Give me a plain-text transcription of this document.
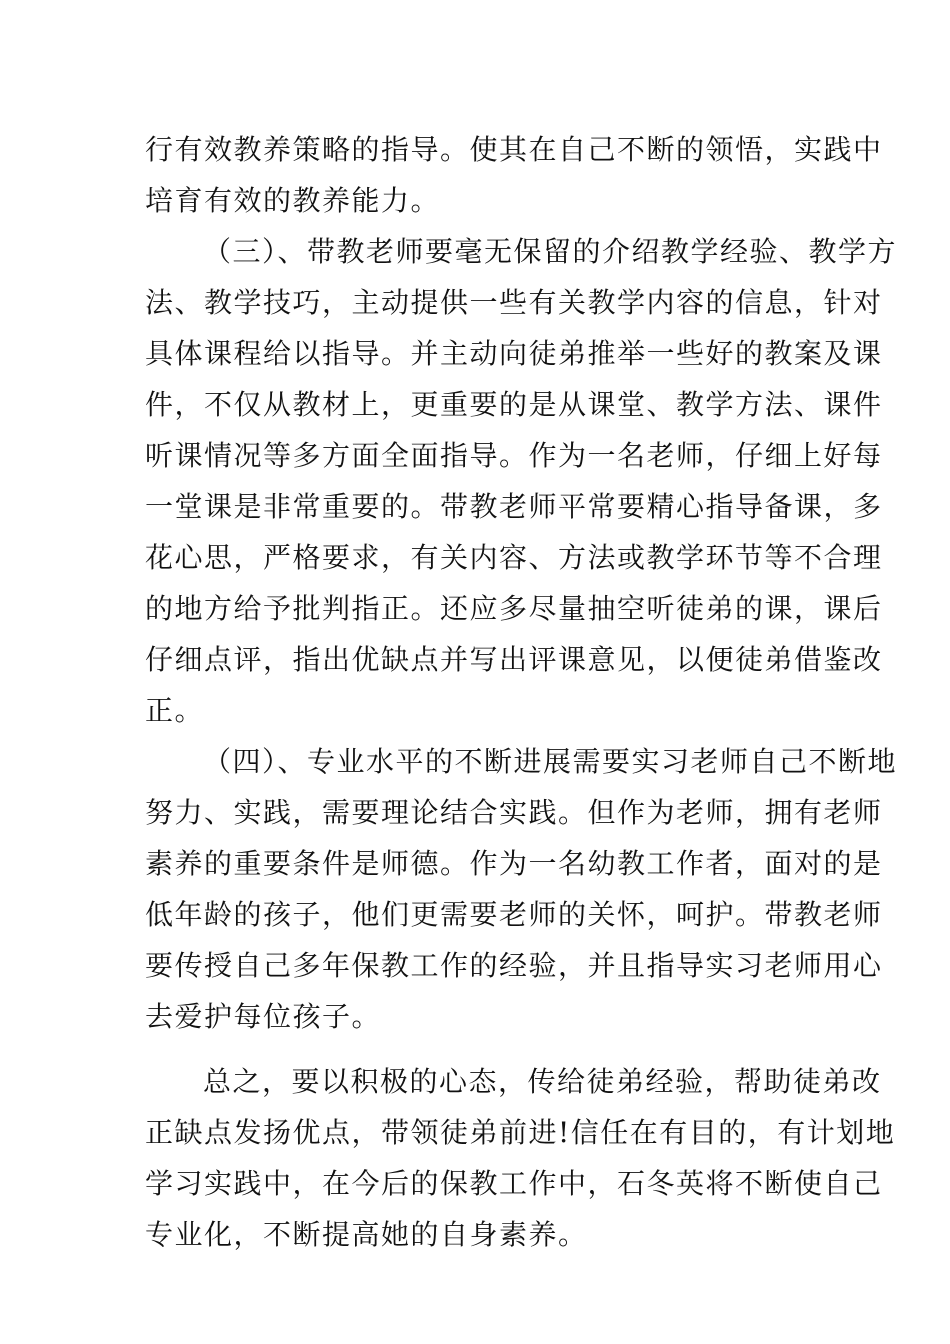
行有效教养策略的指导。使其在自己不断的领悟，实践中
培育有效的教养能力。
（三）、带教老师要毫无保留的介绍教学经验、教学方
法、教学技巧，主动提供一些有关教学内容的信息，针对
具体课程给以指导。并主动向徒弟推举一些好的教案及课
件，不仅从教材上，更重要的是从课堂、教学方法、课件
听课情况等多方面全面指导。作为一名老师，仔细上好每
一堂课是非常重要的。带教老师平常要精心指导备课，多
花心思，严格要求，有关内容、方法或教学环节等不合理
的地方给予批判指正。还应多尽量抽空听徒弟的课，课后
仔细点评，指出优缺点并写出评课意见，以便徒弟借鉴改
正。
（四）、专业水平的不断进展需要实习老师自己不断地
努力、实践，需要理论结合实践。但作为老师，拥有老师
素养的重要条件是师德。作为一名幼教工作者，面对的是
低年龄的孩子，他们更需要老师的关怀，呵护。带教老师
要传授自己多年保教工作的经验，并且指导实习老师用心
去爱护每位孩子。
总之，要以积极的心态，传给徒弟经验，帮助徒弟改
正缺点发扬优点，带领徒弟前进!信任在有目的，有计划地
学习实践中，在今后的保教工作中，石冬英将不断使自己
专业化，不断提高她的自身素养。
